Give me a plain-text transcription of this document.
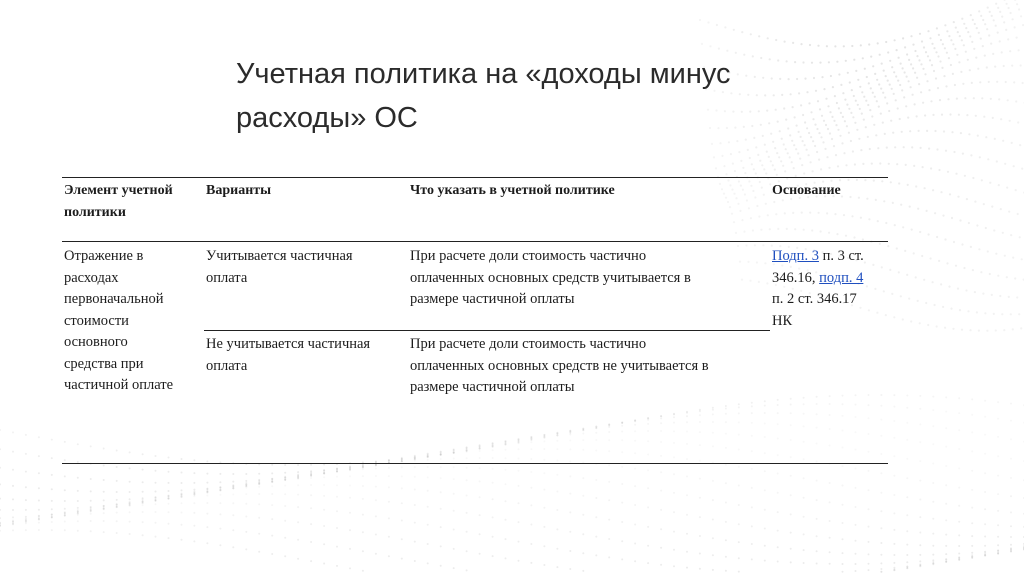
Учетная политика на «доходы минус
расходы» ОС
Элемент учетной
политики
Варианты	Что указать в учетной политике	Основание
Отражение в
расходах
первоначальной
стоимости
основного
средства при
частичной оплате
Учитывается частичная
оплата
При расчете доли стоимость частично
оплаченных основных средств учитывается в
размере частичной оплаты
Подп. 3 п. 3 ст.
346.16, подп. 4
п. 2 ст. 346.17
НК
Не учитывается частичная
оплата
При расчете доли стоимость частично
оплаченных основных средств не учитывается в
размере частичной оплаты
